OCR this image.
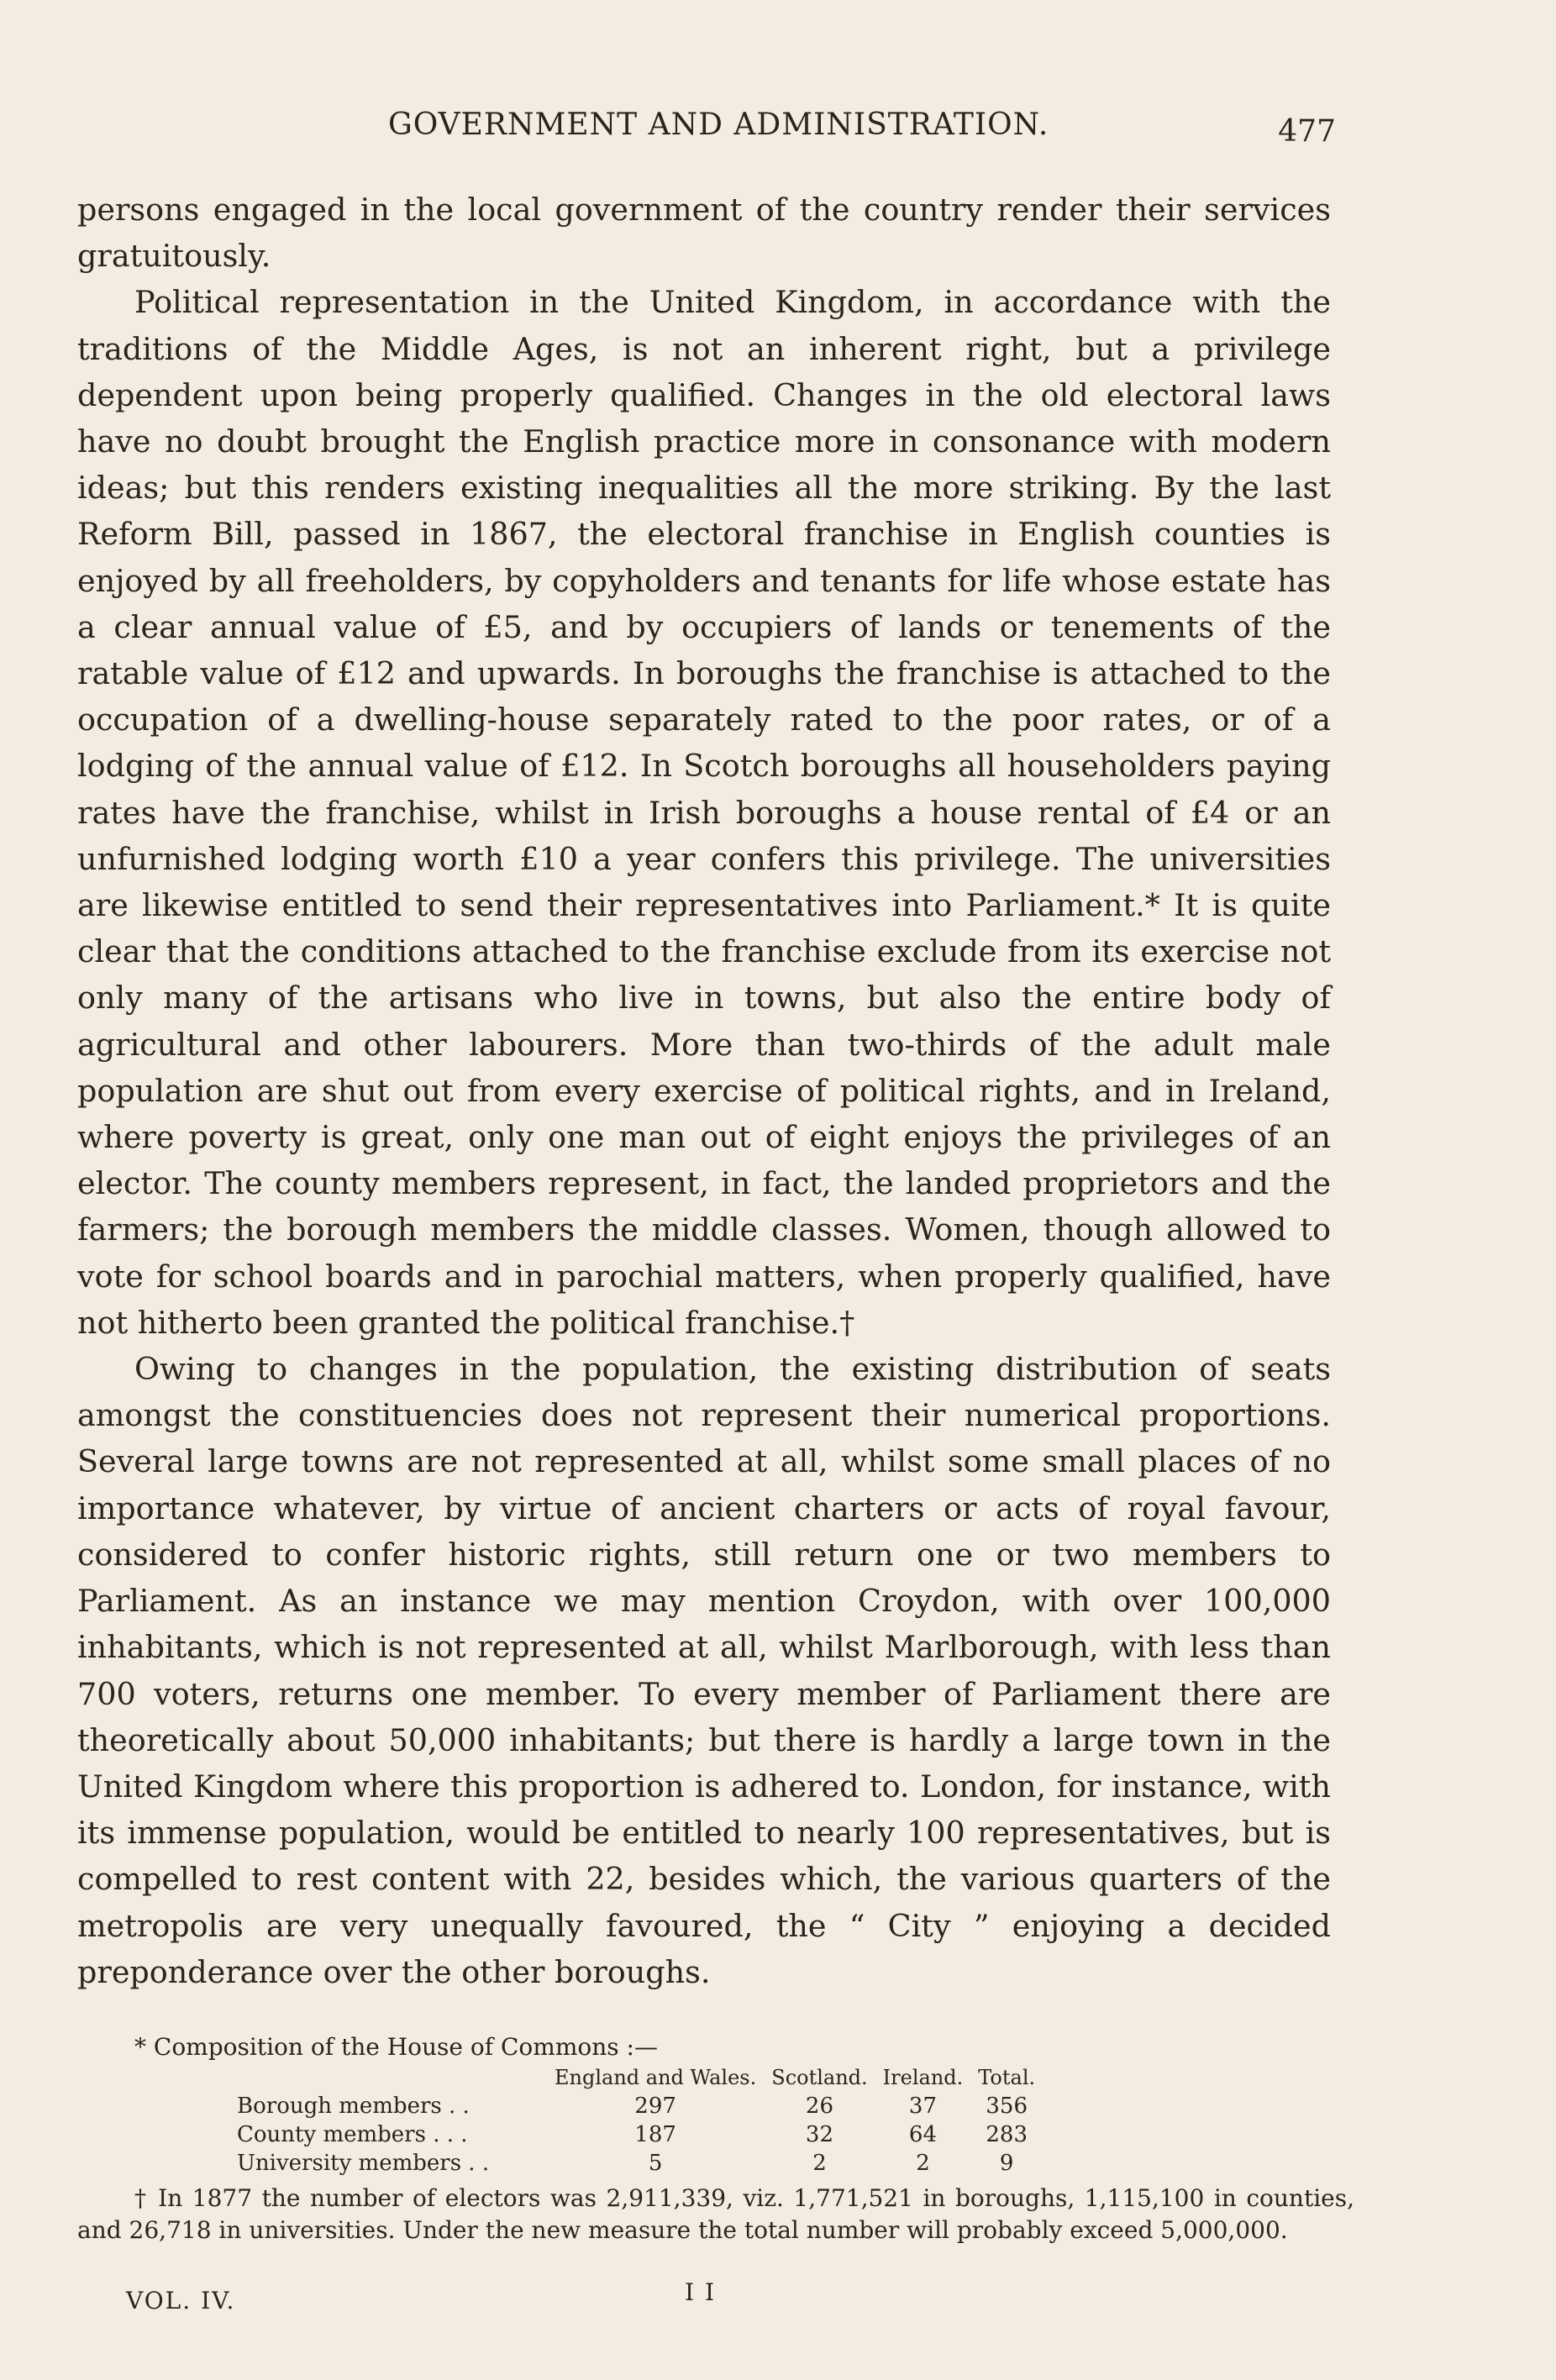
GOVERNMENT AND ADMINISTRATION.	477

persons engaged in the local government of the country render their services gratuitously.

Political representation in the United Kingdom, in accordance with the traditions of the Middle Ages, is not an inherent right, but a privilege dependent upon being properly qualified. Changes in the old electoral laws have no doubt brought the English practice more in consonance with modern ideas; but this renders existing inequalities all the more striking. By the last Reform Bill, passed in 1867, the electoral franchise in English counties is enjoyed by all freeholders, by copyholders and tenants for life whose estate has a clear annual value of £5, and by occupiers of lands or tenements of the ratable value of £12 and upwards. In boroughs the franchise is attached to the occupation of a dwelling-house separately rated to the poor rates, or of a lodging of the annual value of £12. In Scotch boroughs all householders paying rates have the franchise, whilst in Irish boroughs a house rental of £4 or an unfurnished lodging worth £10 a year confers this privilege. The universities are likewise entitled to send their representatives into Parliament.* It is quite clear that the conditions attached to the franchise exclude from its exercise not only many of the artisans who live in towns, but also the entire body of agricultural and other labourers. More than two-thirds of the adult male population are shut out from every exercise of political rights, and in Ireland, where poverty is great, only one man out of eight enjoys the privileges of an elector. The county members represent, in fact, the landed proprietors and the farmers; the borough members the middle classes. Women, though allowed to vote for school boards and in parochial matters, when properly qualified, have not hitherto been granted the political franchise.†

Owing to changes in the population, the existing distribution of seats amongst the constituencies does not represent their numerical proportions. Several large towns are not represented at all, whilst some small places of no importance whatever, by virtue of ancient charters or acts of royal favour, considered to confer historic rights, still return one or two members to Parliament. As an instance we may mention Croydon, with over 100,000 inhabitants, which is not represented at all, whilst Marlborough, with less than 700 voters, returns one member. To every member of Parliament there are theoretically about 50,000 inhabitants; but there is hardly a large town in the United Kingdom where this proportion is adhered to. London, for instance, with its immense population, would be entitled to nearly 100 representatives, but is compelled to rest content with 22, besides which, the various quarters of the metropolis are very unequally favoured, the “ City ” enjoying a decided preponderance over the other boroughs.

* Composition of the House of Commons :—

	England and Wales.	Scotland.	Ireland.	Total.
Borough members . .	297	26	37	356
County members . . .	187	32	64	283
University members . .	5	2	2	9

† In 1877 the number of electors was 2,911,339, viz. 1,771,521 in boroughs, 1,115,100 in counties, and 26,718 in universities. Under the new measure the total number will probably exceed 5,000,000.

VOL. IV.	I I
